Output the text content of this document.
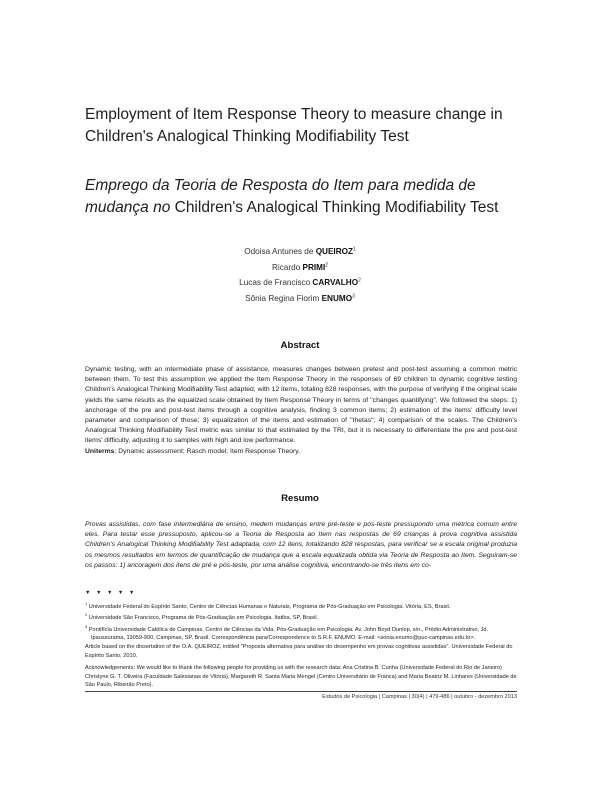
Employment of Item Response Theory to measure change in Children's Analogical Thinking Modifiability Test
Emprego da Teoria de Resposta do Item para medida de mudança no Children's Analogical Thinking Modifiability Test
Odoisa Antunes de QUEIROZ$^1$
Ricardo PRIMI$^2$
Lucas de Francisco CARVALHO$^2$
Sônia Regina Fiorim ENUMO$^3$
Abstract

Dynamic testing, with an intermediate phase of assistance, measures changes between pretest and post-test assuming a common metric between them. To test this assumption we applied the Item Response Theory in the responses of 69 children to dynamic cognitive testing Children's Analogical Thinking Modifiability Test adapted, with 12 items, totaling 828 responses, with the purpose of verifying if the original scale yields the same results as the equalized scale obtained by Item Response Theory in terms of "changes quantifying". We followed the steps: 1) anchorage of the pre and post-test items through a cognitive analysis, finding 3 common items; 2) estimation of the items' difficulty level parameter and comparison of those; 3) equalization of the items and estimation of "thetas"; 4) comparison of the scales. The Children's Analogical Thinking Modifiability Test metric was similar to that estimated by the TRI, but it is necessary to differentiate the pre and post-test items' difficulty, adjusting it to samples with high and low performance.

Uniterms: Dynamic assessment; Rasch model; Item Response Theory.

Resumo

Provas assistidas, com fase intermediária de ensino, medem mudanças entre pré-teste e pós-teste pressupondo uma métrica comum entre eles. Para testar esse pressuposto, aplicou-se a Teoria de Resposta ao Item nas respostas de 69 crianças à prova cognitiva assistida Children's Analogical Thinking Modifiability Test adaptada, com 12 itens, totalizando 828 respostas, para verificar se a escala original produzia os mesmos resultados em termos de quantificação de mudança que a escala equalizada obtida via Teoria de Resposta ao Item. Seguiram-se os passos: 1) ancoragem dos itens de pré e pós-teste, por uma análise cognitiva, encontrando-se três itens em co-

▼ ▼ ▼ ▼ ▼

$^1$ Universidade Federal do Espírito Santo, Centro de Ciências Humanas e Naturais, Programa de Pós-Graduação em Psicologia. Vitória, ES, Brasil.

$^2$ Universidade São Francisco, Programa de Pós-Graduação em Psicologia. Itatiba, SP, Brasil.

$^3$ Pontifícia Universidade Católica de Campinas, Centro de Ciências da Vida, Pós-Graduação em Psicologia. Av. John Boyd Dunlop, s/n., Prédio Administrativo, Jd. Ipaussurama, 13059-900, Campinas, SP, Brasil. Correspondência para/Correspondence to S.R.F. ENUMO. E-mail: <sonia.enumo@puc-campinas.edu.br>.

Article based on the dissertation of the O.A. QUEIROZ, intitled "Proposta alternativa para análise do desempenho em provas cognitivas assistidas". Universidade Federal do Espírito Santo, 2010.

Acknowledgements: We would like to thank the following people for providing us with the research data: Ana Cristina B. Cunha (Universidade Federal do Rio de Janeiro) Christyne G. T. Oliveira (Faculdade Salesianas de Vitória), Margareth R. Santa Maria Mengel (Centro Universitário de Franca) and Maria Beatriz M. Linhares (Universidade de São Paulo, Ribeirão Preto).

Estudos de Psicologia | Campinas | 30(4) | 479-486 | outubro - dezembro 2013
